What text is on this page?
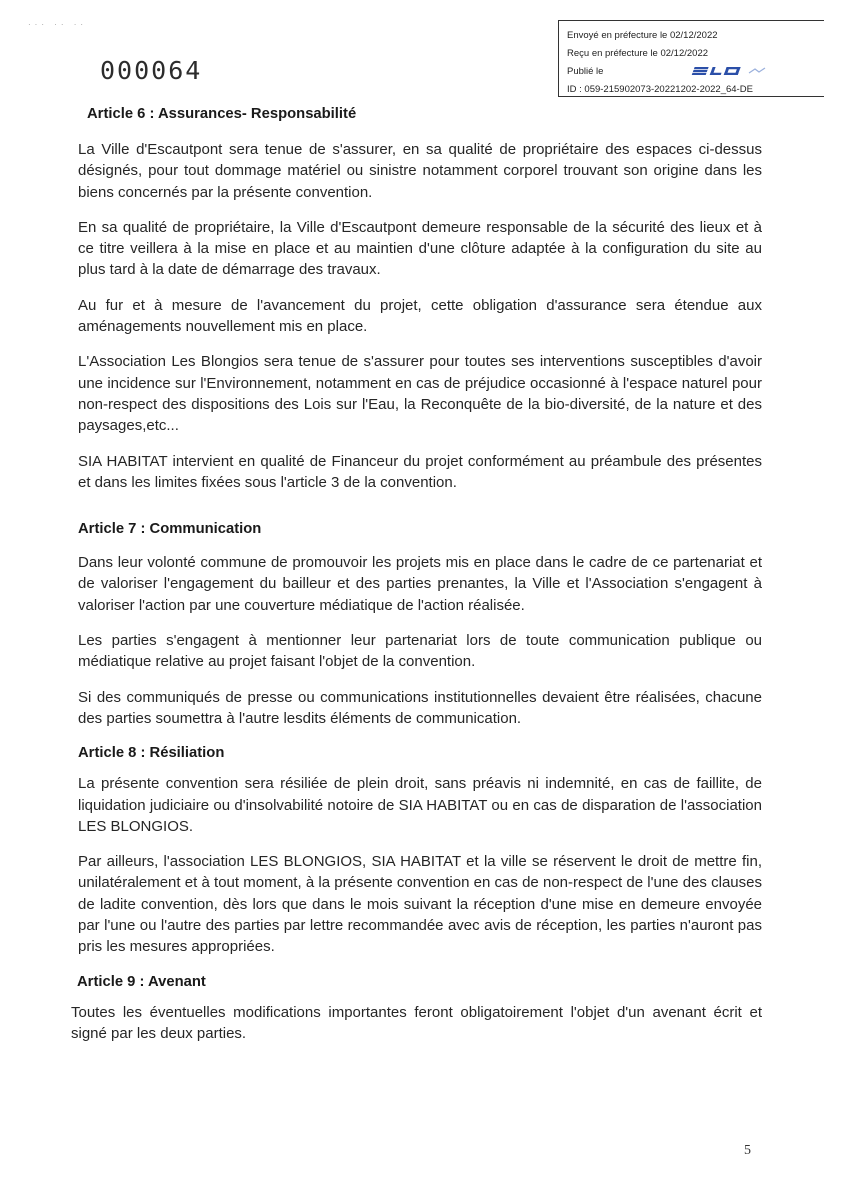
··· ·· ··
000064
Envoyé en préfecture le 02/12/2022
Reçu en préfecture le 02/12/2022
Publié le
ID : 059-215902073-20221202-2022_64-DE
Article 6 : Assurances- Responsabilité

La Ville d'Escautpont sera tenue de s'assurer, en sa qualité de propriétaire des espaces ci-dessus désignés, pour tout dommage matériel ou sinistre notamment corporel trouvant son origine dans les biens concernés par la présente convention.

En sa qualité de propriétaire, la Ville d'Escautpont demeure responsable de la sécurité des lieux et à ce titre veillera à la mise en place et au maintien d'une clôture adaptée à la configuration du site au plus tard à la date de démarrage des travaux.

Au fur et à mesure de l'avancement du projet, cette obligation d'assurance sera étendue aux aménagements nouvellement mis en place.

L'Association Les Blongios sera tenue de s'assurer pour toutes ses interventions susceptibles d'avoir une incidence sur l'Environnement, notamment en cas de préjudice occasionné à l'espace naturel pour non-respect des dispositions des Lois sur l'Eau, la Reconquête de la bio-diversité, de la nature et des paysages,etc...

SIA HABITAT intervient en qualité de Financeur du projet conformément au préambule des présentes et dans les limites fixées sous l'article 3 de la convention.

Article 7 : Communication

Dans leur volonté commune de promouvoir les projets mis en place dans le cadre de ce partenariat et de valoriser l'engagement du bailleur et des parties prenantes, la Ville et l'Association s'engagent à valoriser l'action par une couverture médiatique de l'action réalisée.

Les parties s'engagent à mentionner leur partenariat lors de toute communication publique ou médiatique relative au projet faisant l'objet de la convention.

Si des communiqués de presse ou communications institutionnelles devaient être réalisées, chacune des parties soumettra à l'autre lesdits éléments de communication.

Article 8 : Résiliation

La présente convention sera résiliée de plein droit, sans préavis ni indemnité, en cas de faillite, de liquidation judiciaire ou d'insolvabilité notoire de SIA HABITAT ou en cas de disparation de l'association LES BLONGIOS.

Par ailleurs, l'association LES BLONGIOS, SIA HABITAT et la ville se réservent le droit de mettre fin, unilatéralement et à tout moment, à la présente convention en cas de non-respect de l'une des clauses de ladite convention, dès lors que dans le mois suivant la réception d'une mise en demeure envoyée par l'une ou l'autre des parties par lettre recommandée avec avis de réception, les parties n'auront pas pris les mesures appropriées.

Article 9 : Avenant

Toutes les éventuelles modifications importantes feront obligatoirement l'objet d'un avenant écrit et signé par les deux parties.

5
